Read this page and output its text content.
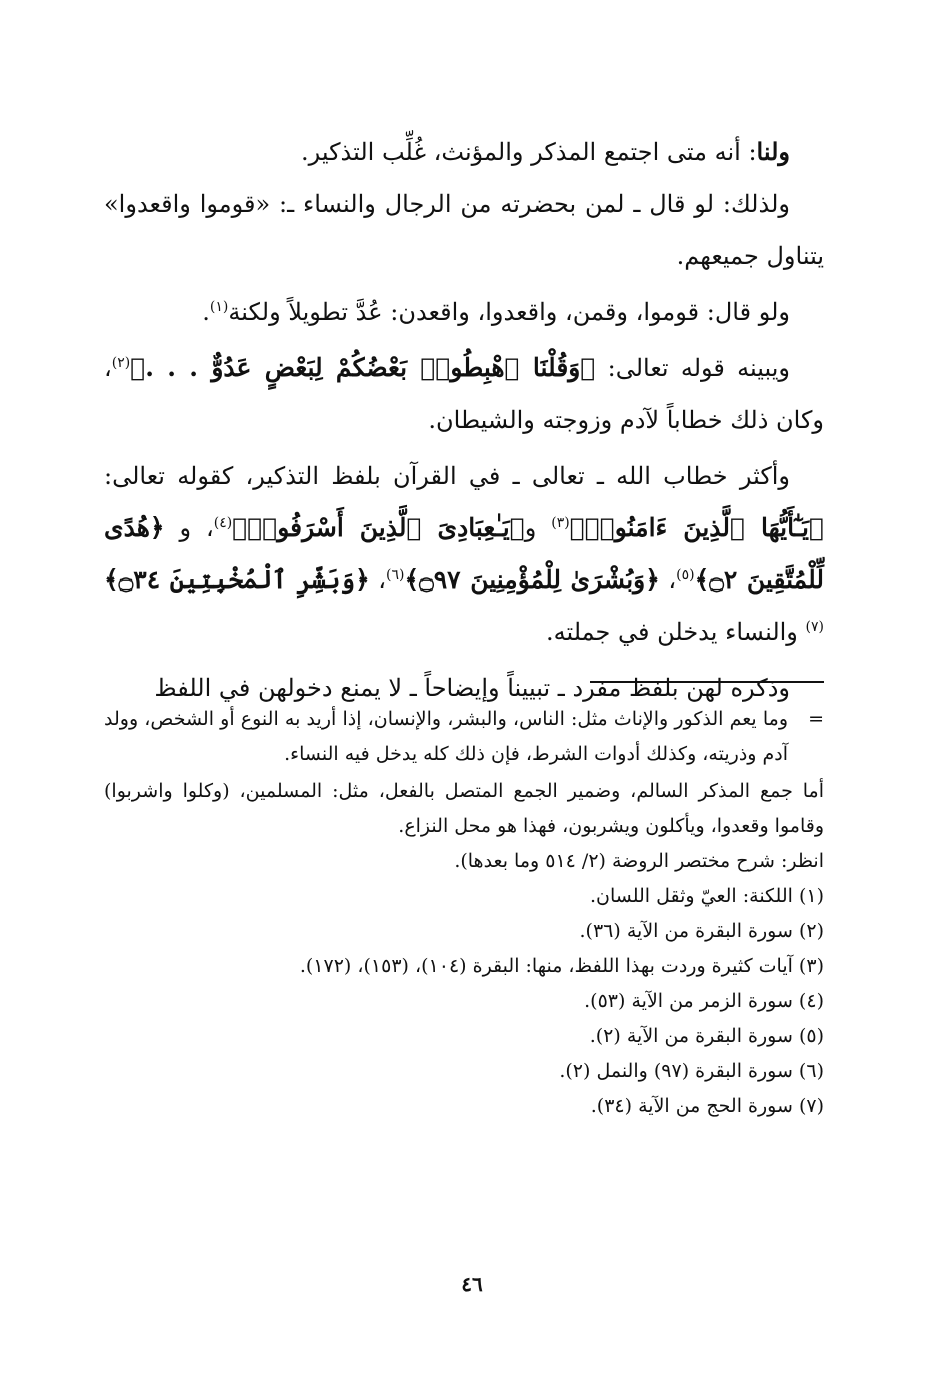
ولنا: أنه متى اجتمع المذكر والمؤنث، غُلِّب التذكير.

ولذلك: لو قال ـ لمن بحضرته من الرجال والنساء ـ: «قوموا واقعدوا» يتناول جميعهم.

ولو قال: قوموا، وقمن، واقعدوا، واقعدن: عُدَّ تطويلاً ولكنة$^{(١)}$.

ويبينه قوله تعالى: ﴿وَقُلْنَا ٱهْبِطُوا۟ بَعْضُكُمْ لِبَعْضٍ عَدُوٌّ . . .﴾$^{(٢)}$، وكان ذلك خطاباً لآدم وزوجته والشيطان.

وأكثر خطاب الله ـ تعالى ـ في القرآن بلفظ التذكير، كقوله تعالى: ﴿يَـٰٓأَيُّهَا ٱلَّذِينَ ءَامَنُوا۟﴾$^{(٣)}$ و﴿يَـٰعِبَادِىَ ٱلَّذِينَ أَسْرَفُوا۟﴾$^{(٤)}$، و ﴿هُدًى لِّلْمُتَّقِينَ ۝٢﴾$^{(٥)}$، ﴿وَبُشْرَىٰ لِلْمُؤْمِنِينَ ۝٩٧﴾$^{(٦)}$، ﴿وَبَشِّرِ ٱلْمُخْبِتِينَ ۝٣٤﴾$^{(٧)}$ والنساء يدخلن في جملته.

وذكره لهن بلفظ مفرد ـ تبييناً وإيضاحاً ـ لا يمنع دخولهن في اللفظ

=

وما يعم الذكور والإناث مثل: الناس، والبشر، والإنسان، إذا أريد به النوع أو الشخص، وولد آدم وذريته، وكذلك أدوات الشرط، فإن ذلك كله يدخل فيه النساء.

أما جمع المذكر السالم، وضمير الجمع المتصل بالفعل، مثل: المسلمين، (وكلوا واشربوا) وقاموا وقعدوا، ويأكلون ويشربون، فهذا هو محل النزاع.

انظر: شرح مختصر الروضة (٢/ ٥١٤ وما بعدها).

(١) اللكنة: العيّ وثقل اللسان.

(٢) سورة البقرة من الآية (٣٦).

(٣) آيات كثيرة وردت بهذا اللفظ، منها: البقرة (١٠٤)، (١٥٣)، (١٧٢).

(٤) سورة الزمر من الآية (٥٣).

(٥) سورة البقرة من الآية (٢).

(٦) سورة البقرة (٩٧) والنمل (٢).

(٧) سورة الحج من الآية (٣٤).

٤٦
